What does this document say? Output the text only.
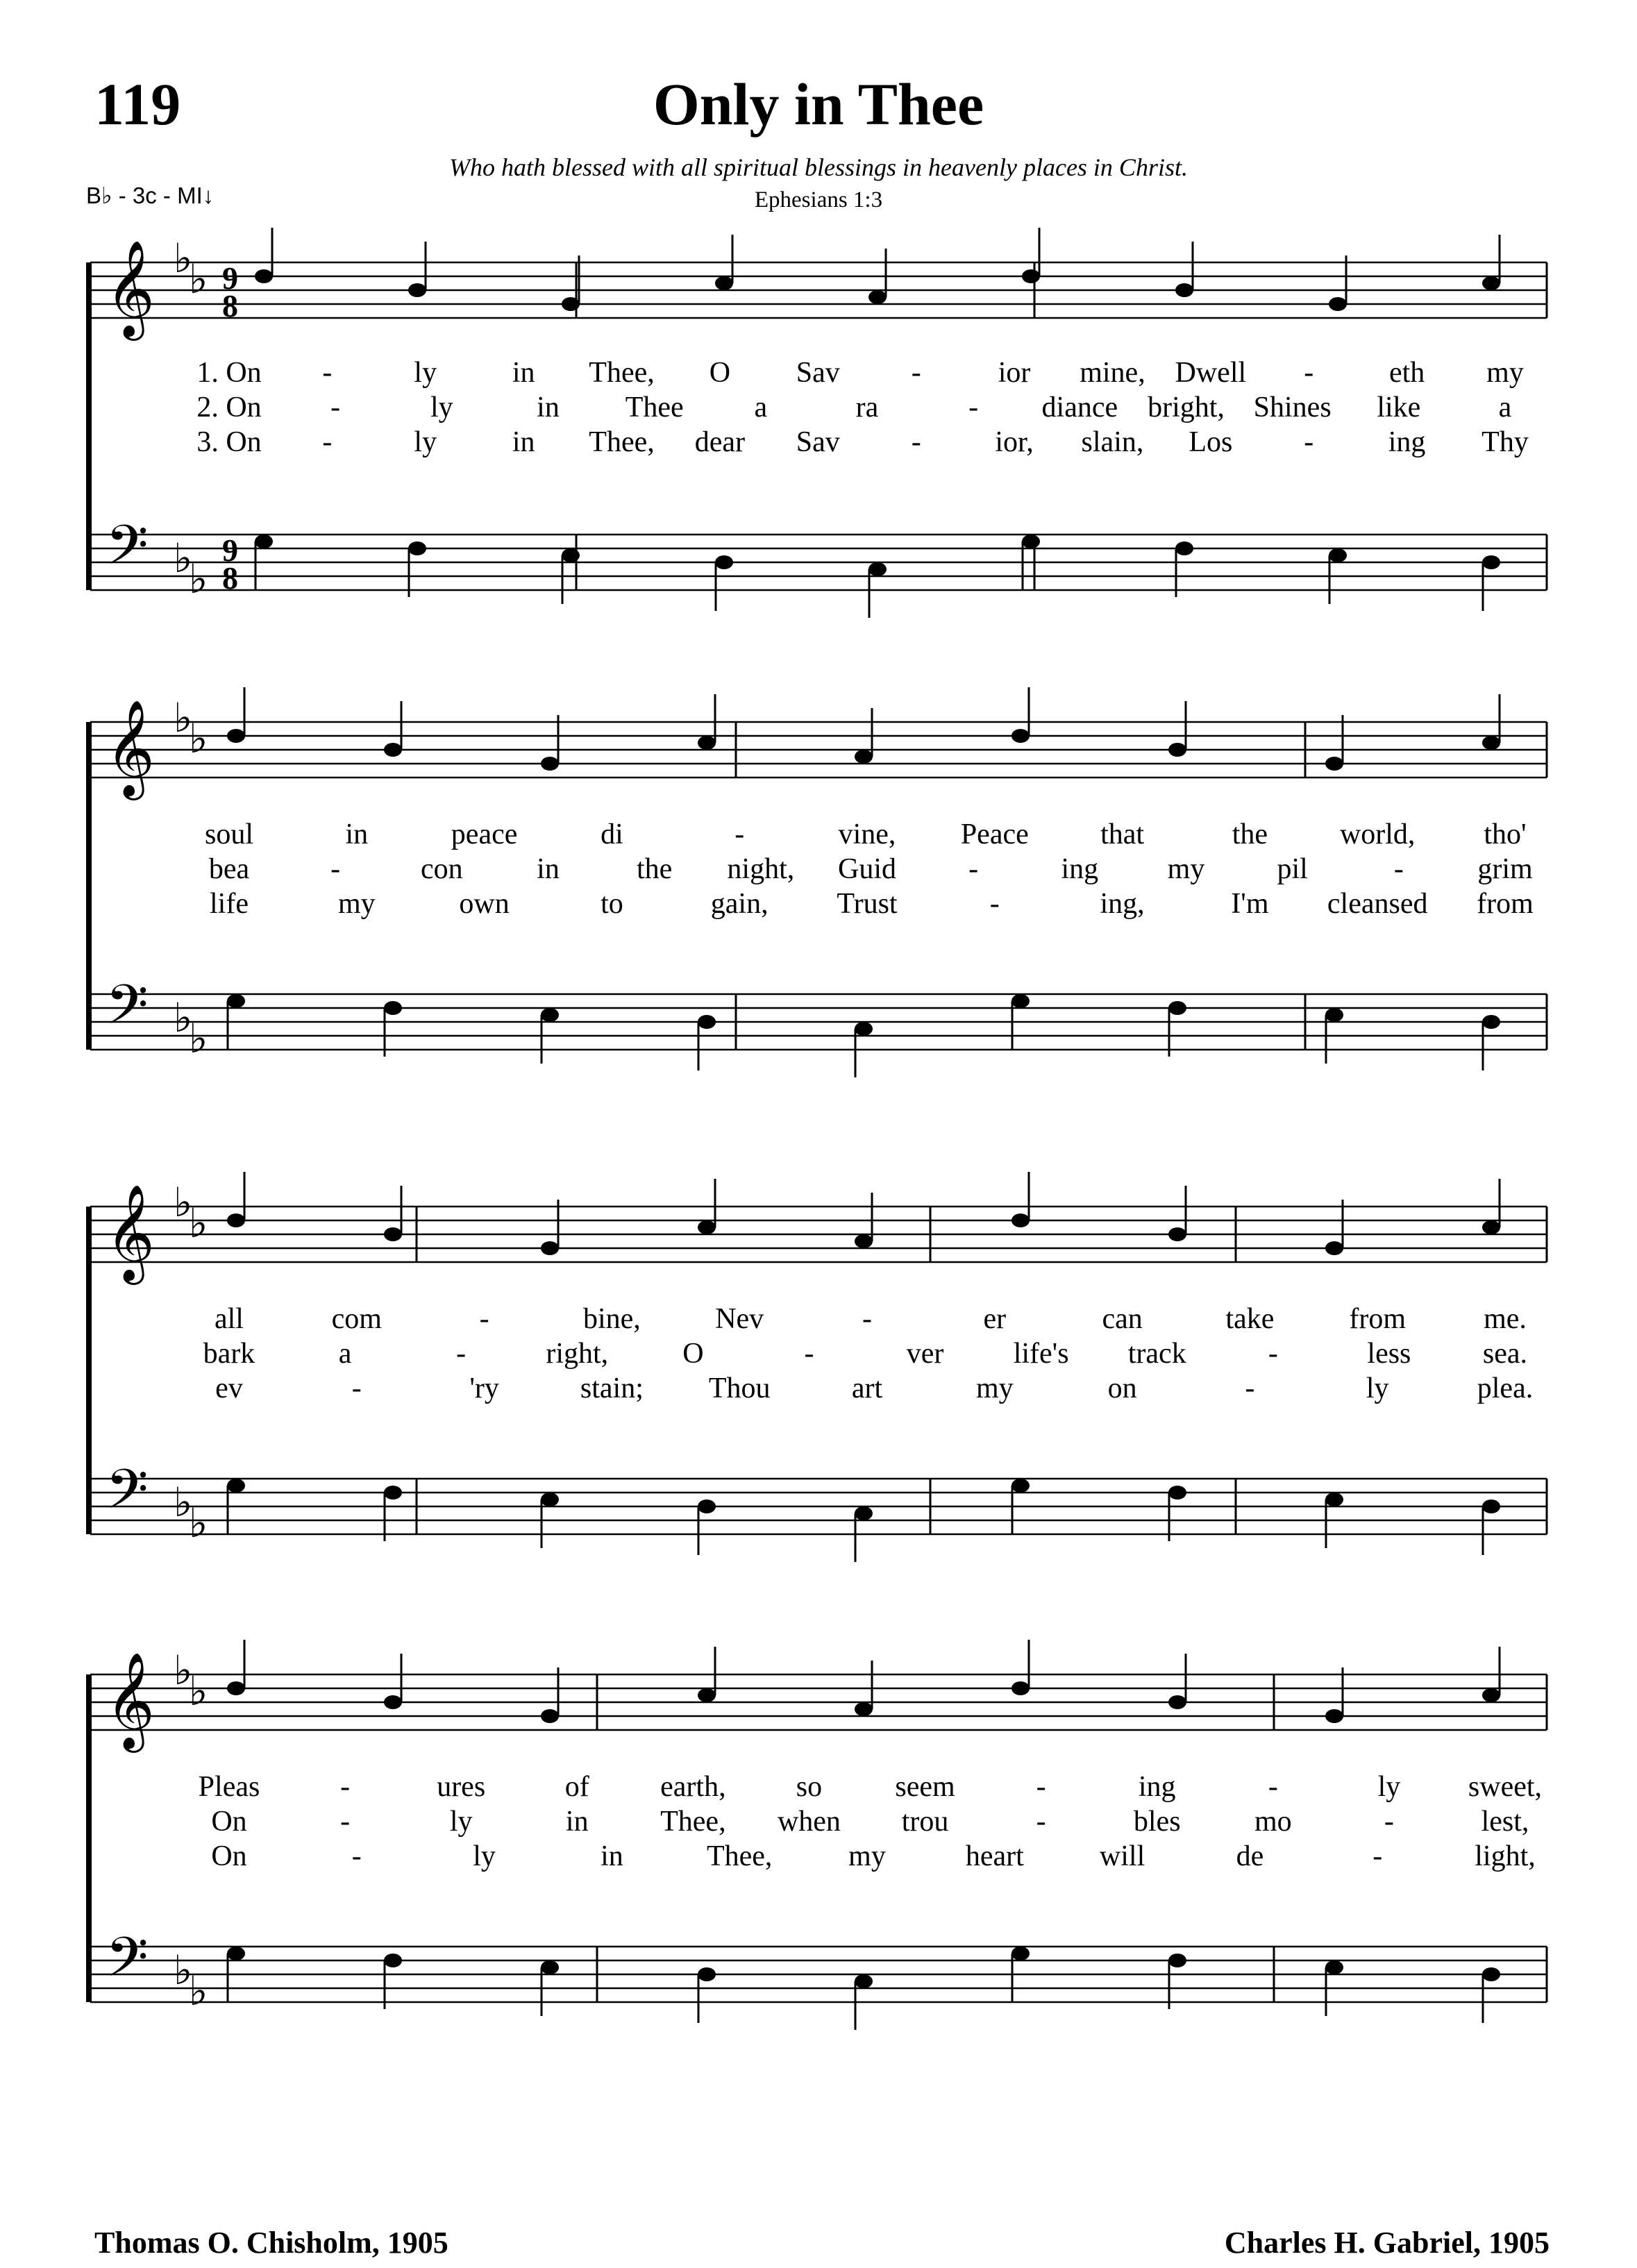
119	Only in Thee
Who hath blessed with all spiritual blessings in heavenly places in Christ.
Ephesians 1:3
B♭ - 3c - MI↓
𝄞
𝄢
♭
♭
♭
♭
9
8
9
8
1. On -	ly	in Thee, O Sav -	ior mine, Dwell -	eth my
2. On -	ly	in Thee a	ra	- diance bright, Shines like	a
3. On -	ly	in Thee, dear Sav -	ior, slain, Los -	ing Thy
𝄞
𝄢
♭
♭
♭
♭
soul	in	peace	di	-	vine, Peace that	the world, tho'
bea	-	con	in	the night, Guid -	ing my pil	-	grim
life	my	own	to	gain, Trust	-	ing,	I'm cleansed from
𝄞
𝄢
♭
♭
♭
♭
all	com	-	bine,	Nev	-	er	can	take	from	me.
bark	a	-	right,	O	-	ver life's track	-	less sea.
ev	-	'ry	stain; Thou	art	my	on	-	ly	plea.
𝄞
𝄢
♭
♭
♭
♭
Pleas	-	ures	of earth, so	seem	-	ing	-	ly sweet,
On	-	ly	in Thee, when trou	-	bles	mo	-	lest,
On	-	ly	in	Thee,	my	heart	will	de	-	light,
Thomas O. Chisholm, 1905	Charles H. Gabriel, 1905
